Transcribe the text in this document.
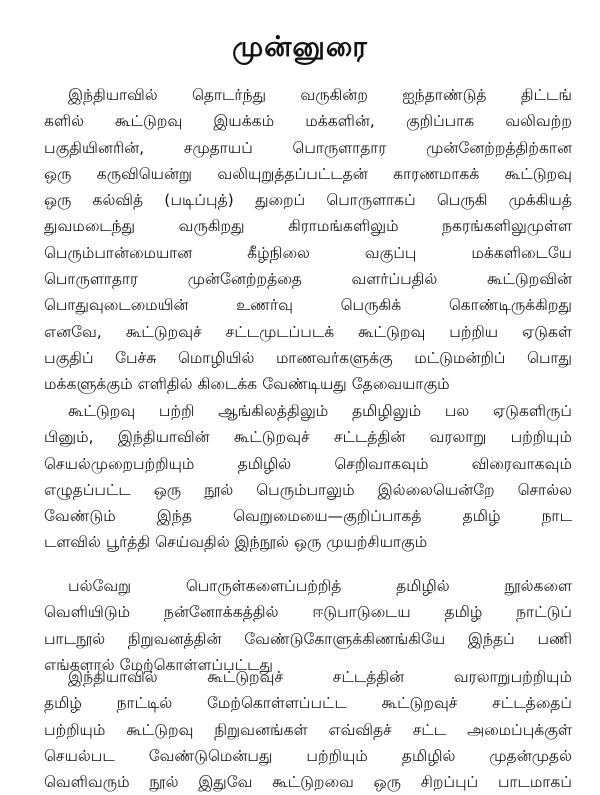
முன்னுரை
இந்தியாவில் தொடர்ந்து வருகின்ற ஐந்தாண்டுத் திட்டங்
களில் கூட்டுறவு இயக்கம் மக்களின், குறிப்பாக வலிவற்ற
பகுதியினரின், சமுதாயப் பொருளாதார முன்னேற்றத்திற்கான
ஒரு கருவியென்று வலியுறுத்தப்பட்டதன் காரணமாகக் கூட்டுறவு
ஒரு கல்வித் (படிப்புத்) துறைப் பொருளாகப் பெருகி முக்கியத்
துவமடைந்து வருகிறது கிராமங்களிலும் நகரங்களிலுமுள்ள
பெரும்பான்மையான கீழ்நிலை வகுப்பு மக்களிடையே
பொருளாதார முன்னேற்றத்தை வளர்ப்பதில் கூட்டுறவின்
பொதுவுடைமையின் உணர்வு பெருகிக் கொண்டிருக்கிறது
எனவே, கூட்டுறவுச் சட்டமுடப்படக் கூட்டுறவு பற்றிய ஏடுகள்
பகுதிப் பேச்சு மொழியில் மாணவர்களுக்கு மட்டுமன்றிப் பொது
மக்களுக்கும் எளிதில் கிடைக்க வேண்டியது தேவையாகும்
கூட்டுறவு பற்றி ஆங்கிலத்திலும் தமிழிலும் பல ஏடுகளிருப்
பினும், இந்தியாவின் கூட்டுறவுச் சட்டத்தின் வரலாறு பற்றியும்
செயல்முறைபற்றியும் தமிழில் செறிவாகவும் விரைவாகவும்
எழுதப்பட்ட ஒரு நூல் பெரும்பாலும் இல்லையென்றே சொல்ல
வேண்டும் இந்த வெறுமையை—குறிப்பாகத் தமிழ் நாட
டளவில் பூர்த்தி செய்வதில் இந்நூல் ஒரு முயற்சியாகும்
பல்வேறு பொருள்களைப்பற்றித் தமிழில் நூல்களை
வெளியிடும் நன்னோக்கத்தில் ஈடுபாடுடைய தமிழ் நாட்டுப்
பாடநூல் நிறுவனத்தின் வேண்டுகோளுக்கிணங்கியே இந்தப் பணி
எங்களால் மேற்கொள்ளப்பட்டது
இந்தியாவில் கூட்டுறவுச் சட்டத்தின் வரலாறுபற்றியும்
தமிழ் நாட்டில் மேற்கொள்ளப்பட்ட கூட்டுறவுச் சட்டத்தைப்
பற்றியும் கூட்டுறவு நிறுவனங்கள் எவ்விதச் சட்ட அமைப்புக்குள்
செயல்பட வேண்டுமென்பது பற்றியும் தமிழில் முதன்முதல்
வெளிவரும் நூல் இதுவே கூட்டுறவை ஒரு சிறப்புப் பாடமாகப்
